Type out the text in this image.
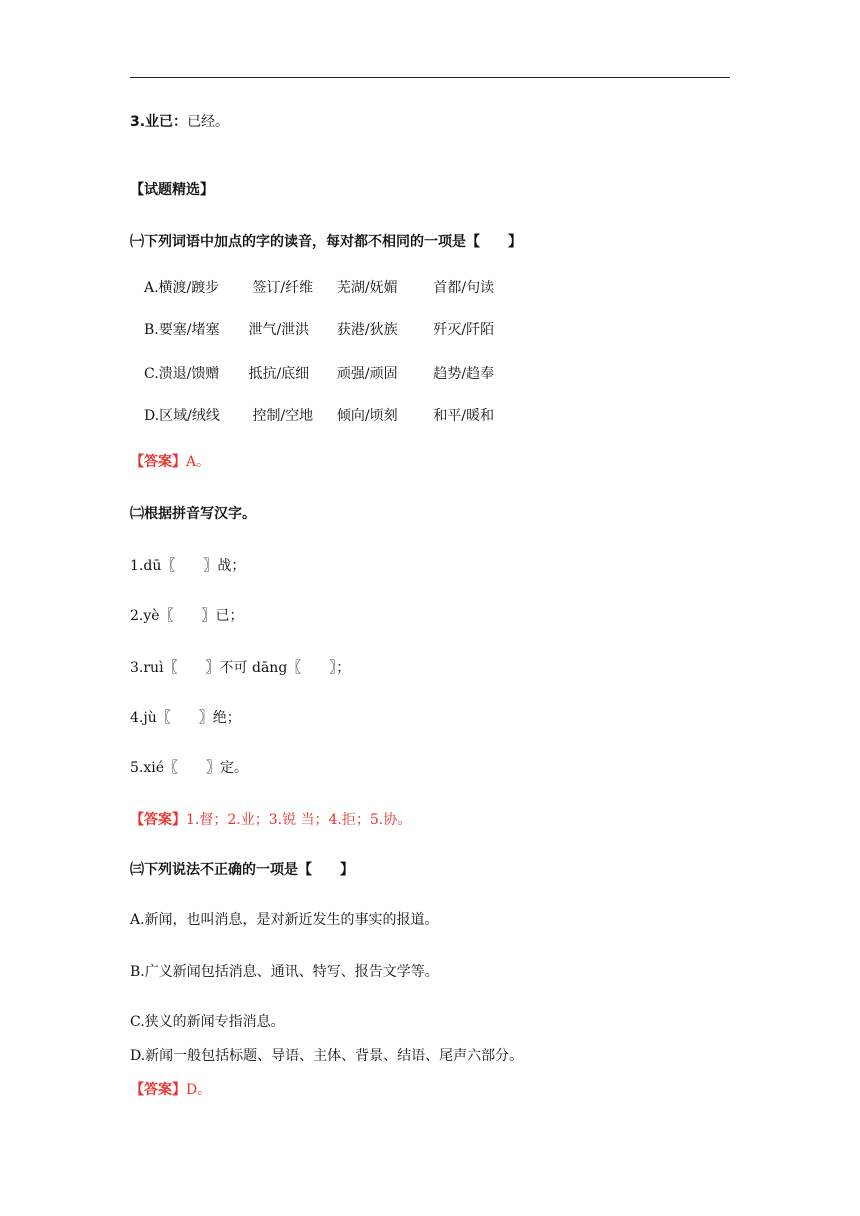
3.业已：已经。
【试题精选】
㈠下列词语中加点的字的读音，每对都不相同的一项是【　　】
A.横渡/踱步 签订/纤维 芜湖/妩媚	首都/句读
B.要塞/堵塞 泄气/泄洪 获港/狄族	歼灭/阡陌
C.溃退/馈赠 抵抗/底细 顽强/顽固	趋势/趋奉
D.区域/绒线 控制/空地 倾向/顷刻	和平/暖和
【答案】A。
㈡根据拼音写汉字。
1.dū〖　　〗战；
2.yè〖　　〗已；
3.ruì〖　　〗不可 dāng〖　　〗；
4.jù〖　　〗绝；
5.xié〖　　〗定。
【答案】1.督；2.业；3.锐 当；4.拒；5.协。
㈢下列说法不正确的一项是【　　】
A.新闻，也叫消息，是对新近发生的事实的报道。
B.广义新闻包括消息、通讯、特写、报告文学等。
C.狭义的新闻专指消息。
D.新闻一般包括标题、导语、主体、背景、结语、尾声六部分。
【答案】D。
